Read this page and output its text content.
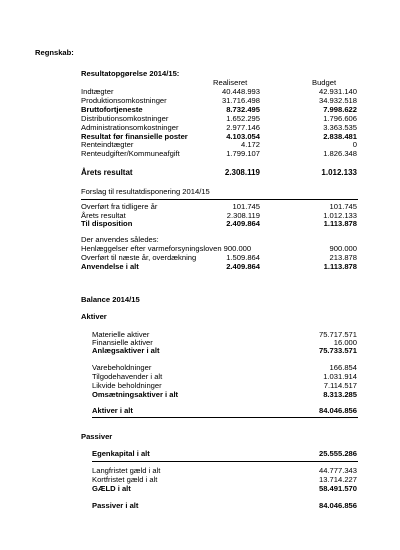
Regnskab:
Resultatopgørelse 2014/15:
Realiseret	Budget
Indtægter	40.448.993	42.931.140
Produktionsomkostninger	31.716.498	34.932.518
Bruttofortjeneste	8.732.495	7.998.622
Distributionsomkostninger	1.652.295	1.796.606
Administrationsomkostninger	2.977.146	3.363.535
Resultat før finansielle poster	4.103.054	2.838.481
Renteindtægter	4.172	0
Renteudgifter/Kommuneafgift	1.799.107	1.826.348
Årets resultat	2.308.119	1.012.133
Forslag til resultatdisponering 2014/15
Overført fra tidligere år	101.745	101.745
Årets resultat	2.308.119	1.012.133
Til disposition	2.409.864	1.113.878
Der anvendes således:
Henlæggelser efter varmeforsyningsloven 900.000	900.000
Overført til næste år, overdækning	1.509.864	213.878
Anvendelse i alt	2.409.864	1.113.878
Balance 2014/15
Aktiver
Materielle aktiver	75.717.571
Finansielle aktiver	16.000
Anlægsaktiver i alt	75.733.571
Varebeholdninger	166.854
Tilgodehavender i alt	1.031.914
Likvide beholdninger	7.114.517
Omsætningsaktiver i alt	8.313.285
Aktiver i alt	84.046.856
Passiver
Egenkapital i alt	25.555.286
Langfristet gæld i alt	44.777.343
Kortfristet gæld i alt	13.714.227
GÆLD i alt	58.491.570
Passiver i alt	84.046.856
